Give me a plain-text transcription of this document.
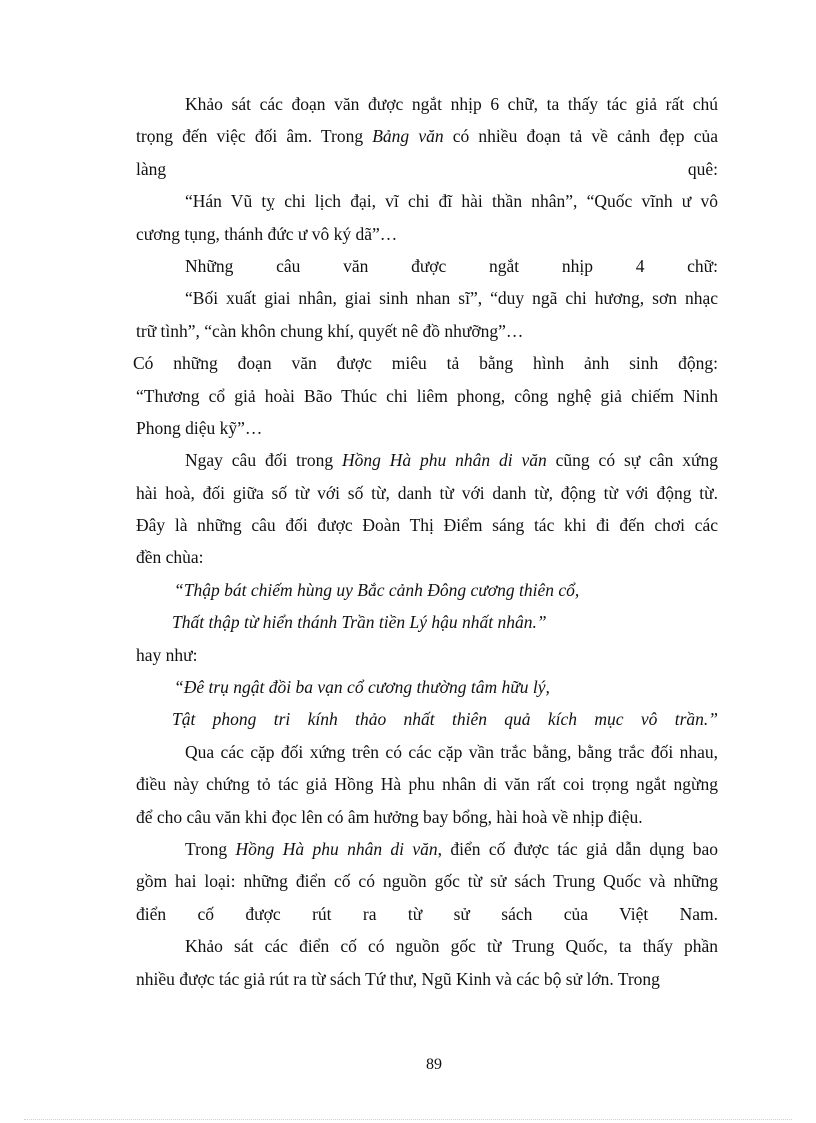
Khảo sát các đoạn văn được ngắt nhịp 6 chữ, ta thấy tác giả rất chú
trọng đến việc đối âm. Trong Bảng văn có nhiều đoạn tả về cảnh đẹp của
làng	quê:
“Hán Vũ tỵ chi lịch đại, vĩ chi đĩ hài thần nhân”, “Quốc vĩnh ư vô
cương tụng, thánh đức ư vô ký dã”…
Những câu văn được ngắt nhịp 4 chữ:
“Bối xuất giai nhân, giai sinh nhan sĩ”, “duy ngã chi hương, sơn nhạc
trữ tình”, “càn khôn chung khí, quyết nê đồ nhưỡng”…
Có những đoạn văn được miêu tả bằng hình ảnh sinh động:
“Thương cổ giả hoài Bão Thúc chi liêm phong, công nghệ giả chiếm Ninh
Phong diệu kỹ”…
Ngay câu đối trong Hồng Hà phu nhân di văn cũng có sự cân xứng
hài hoà, đối giữa số từ với số từ, danh từ với danh từ, động từ với động từ.
Đây là những câu đối được Đoàn Thị Điểm sáng tác khi đi đến chơi các
đền chùa:
“Thập bát chiếm hùng uy Bắc cảnh Đông cương thiên cổ,
Thất thập từ hiển thánh Trần tiền Lý hậu nhất nhân.”
hay như:
“Đê trụ ngật đồi ba vạn cổ cương thường tâm hữu lý,
Tật phong tri kính thảo nhất thiên quả kích mục vô trần.”
Qua các cặp đối xứng trên có các cặp vần trắc bằng, bằng trắc đối nhau,
điều này chứng tỏ tác giả Hồng Hà phu nhân di văn rất coi trọng ngắt ngừng
để cho câu văn khi đọc lên có âm hưởng bay bổng, hài hoà về nhịp điệu.
Trong Hồng Hà phu nhân di văn, điển cố được tác giả dẫn dụng bao
gồm hai loại: những điển cố có nguồn gốc từ sử sách Trung Quốc và những
điển cố được rút ra từ sử sách của Việt Nam.
Khảo sát các điển cố có nguồn gốc từ Trung Quốc, ta thấy phần
nhiều được tác giả rút ra từ sách Tứ thư, Ngũ Kinh và các bộ sử lớn. Trong
89
